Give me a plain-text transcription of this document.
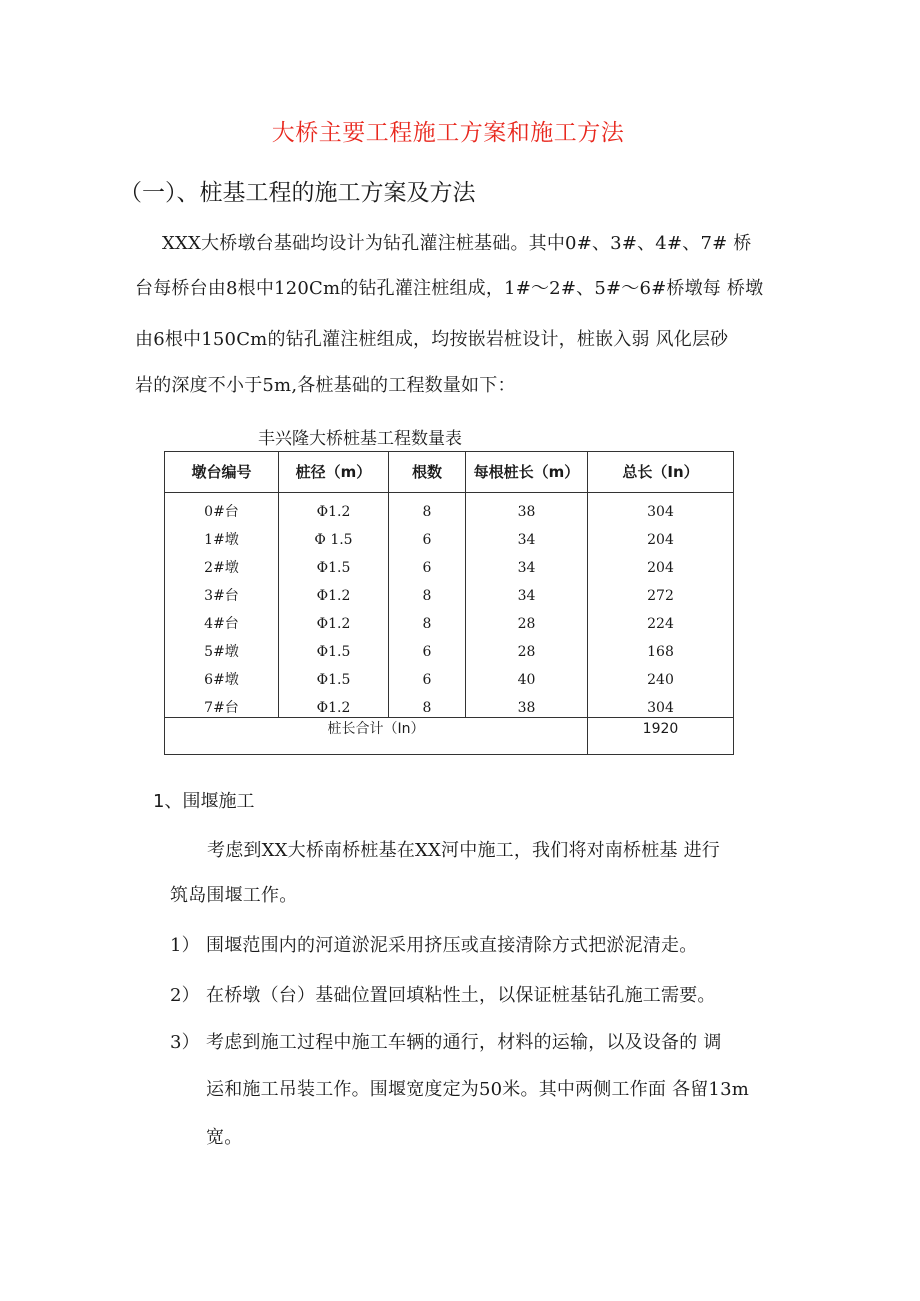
大桥主要工程施工方案和施工方法
（一）、桩基工程的施工方案及方法
XXX大桥墩台基础均设计为钻孔灌注桩基础。其中0#、3#、4#、7# 桥
台每桥台由8根中120Cm的钻孔灌注桩组成，1#～2#、5#～6#桥墩每 桥墩
由6根中150Cm的钻孔灌注桩组成，均按嵌岩桩设计，桩嵌入弱 风化层砂
岩的深度不小于5m,各桩基础的工程数量如下：
丰兴隆大桥桩基工程数量表
墩台编号	桩径（m）	根数	每根桩长（m）	总长（In）
0#台	Φ1.2	8	38	304
1#墩	Φ 1.5	6	34	204
2#墩	Φ1.5	6	34	204
3#台	Φ1.2	8	34	272
4#台	Φ1.2	8	28	224
5#墩	Φ1.5	6	28	168
6#墩	Φ1.5	6	40	240
7#台	Φ1.2	8	38	304
桩长合计（In）				1920
1、围堰施工
考虑到XX大桥南桥桩基在XX河中施工，我们将对南桥桩基 进行
筑岛围堰工作。
1） 围堰范围内的河道淤泥采用挤压或直接清除方式把淤泥清走。
2） 在桥墩（台）基础位置回填粘性土，以保证桩基钻孔施工需要。
3） 考虑到施工过程中施工车辆的通行，材料的运输，以及设备的 调
运和施工吊装工作。围堰宽度定为50米。其中两侧工作面 各留13m
宽。
